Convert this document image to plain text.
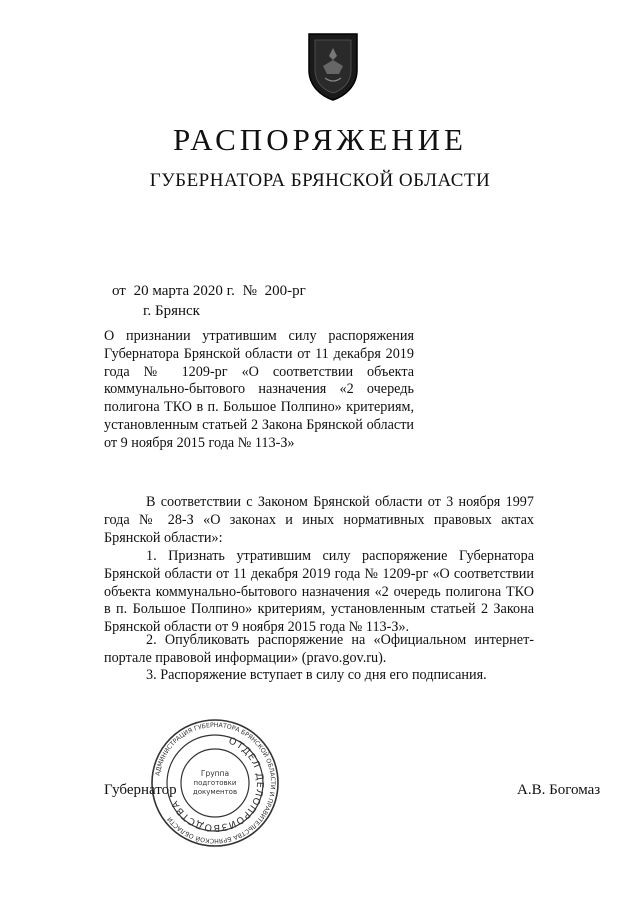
РАСПОРЯЖЕНИЕ
ГУБЕРНАТОРА БРЯНСКОЙ ОБЛАСТИ
от 20 марта 2020 г. № 200-рг
г. Брянск
О признании утратившим силу распоряжения Губернатора Брянской области от 11 декабря 2019 года № 1209-рг «О соответствии объекта коммунально-бытового назначения «2 очередь полигона ТКО в п. Большое Полпино» критериям, установленным статьей 2 Закона Брянской области от 9 ноября 2015 года № 113-З»
В соответствии с Законом Брянской области от 3 ноября 1997 года № 28-З «О законах и иных нормативных правовых актах Брянской области»:
1. Признать утратившим силу распоряжение Губернатора Брянской области от 11 декабря 2019 года № 1209-рг «О соответствии объекта коммунально-бытового назначения «2 очередь полигона ТКО в п. Большое Полпино» критериям, установленным статьей 2 Закона Брянской области от 9 ноября 2015 года № 113-З».
2. Опубликовать распоряжение на «Официальном интернет-портале правовой информации» (pravo.gov.ru).
3. Распоряжение вступает в силу со дня его подписания.
Губернатор	А.В. Богомаз
АДМИНИСТРАЦИЯ ГУБЕРНАТОРА БРЯНСКОЙ ОБЛАСТИ И ПРАВИТЕЛЬСТВА БРЯНСКОЙ ОБЛАСТИ
ОТДЕЛ ДЕЛОПРОИЗВОДСТВА
Группа
подготовки
документов
